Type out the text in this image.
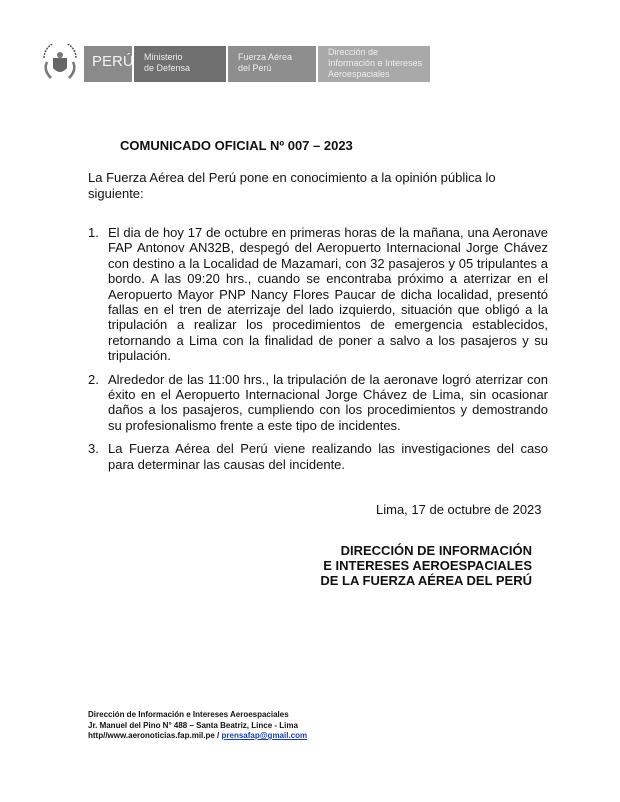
PERÚ Ministerio
de Defensa
Fuerza Aérea
del Perú
Dirección de
Información e Intereses
Aeroespaciales
COMUNICADO OFICIAL Nº 007 – 2023
La Fuerza Aérea del Perú pone en conocimiento a la opinión pública lo siguiente:
1. El dia de hoy 17 de octubre en primeras horas de la mañana, una Aeronave FAP Antonov AN32B, despegó del Aeropuerto Internacional Jorge Chávez con destino a la Localidad de Mazamari, con 32 pasajeros y 05 tripulantes a bordo. A las 09:20 hrs., cuando se encontraba próximo a aterrizar en el Aeropuerto Mayor PNP Nancy Flores Paucar de dicha localidad, presentó fallas en el tren de aterrizaje del lado izquierdo, situación que obligó a la tripulación a realizar los procedimientos de emergencia establecidos, retornando a Lima con la finalidad de poner a salvo a los pasajeros y su tripulación.
2. Alrededor de las 11:00 hrs., la tripulación de la aeronave logró aterrizar con éxito en el Aeropuerto Internacional Jorge Chávez de Lima, sin ocasionar daños a los pasajeros, cumpliendo con los procedimientos y demostrando su profesionalismo frente a este tipo de incidentes.
3. La Fuerza Aérea del Perú viene realizando las investigaciones del caso para determinar las causas del incidente.
Lima, 17 de octubre de 2023
DIRECCIÓN DE INFORMACIÓN
E INTERESES AEROESPACIALES
DE LA FUERZA AÉREA DEL PERÚ
Dirección de Información e Intereses Aeroespaciales
Jr. Manuel del Pino N° 488 – Santa Beatriz, Lince - Lima
http//www.aeronoticias.fap.mil.pe / prensafap@gmail.com
